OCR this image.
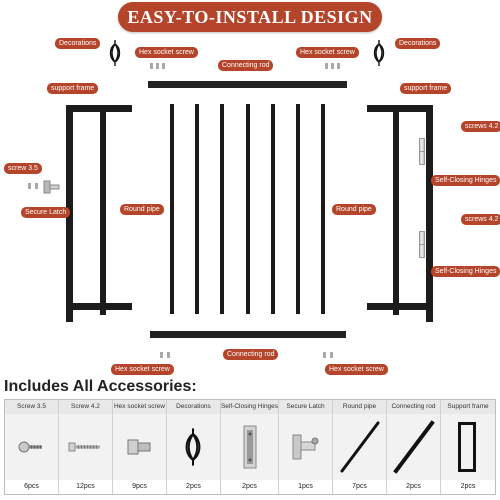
EASY-TO-INSTALL DESIGN
Decorations	Decorations
Hex socket screw	Hex socket screw
Connecting rod
support frame	support frame
Round pipe	Round pipe
screw 3.5
Secure Latch
screws 4.2
Self-Closing Hinges
screws 4.2
Self-Closing Hinges
Connecting rod
Hex socket screw	Hex socket screw
Includes All Accessories:
Screw 3.5
6pcs
Screw 4.2
12pcs
Hex socket screw
9pcs
Decorations
2pcs
Self-Closing Hinges
2pcs
Secure Latch
1pcs
Round pipe
7pcs
Connecting rod
2pcs
Support frame
2pcs
